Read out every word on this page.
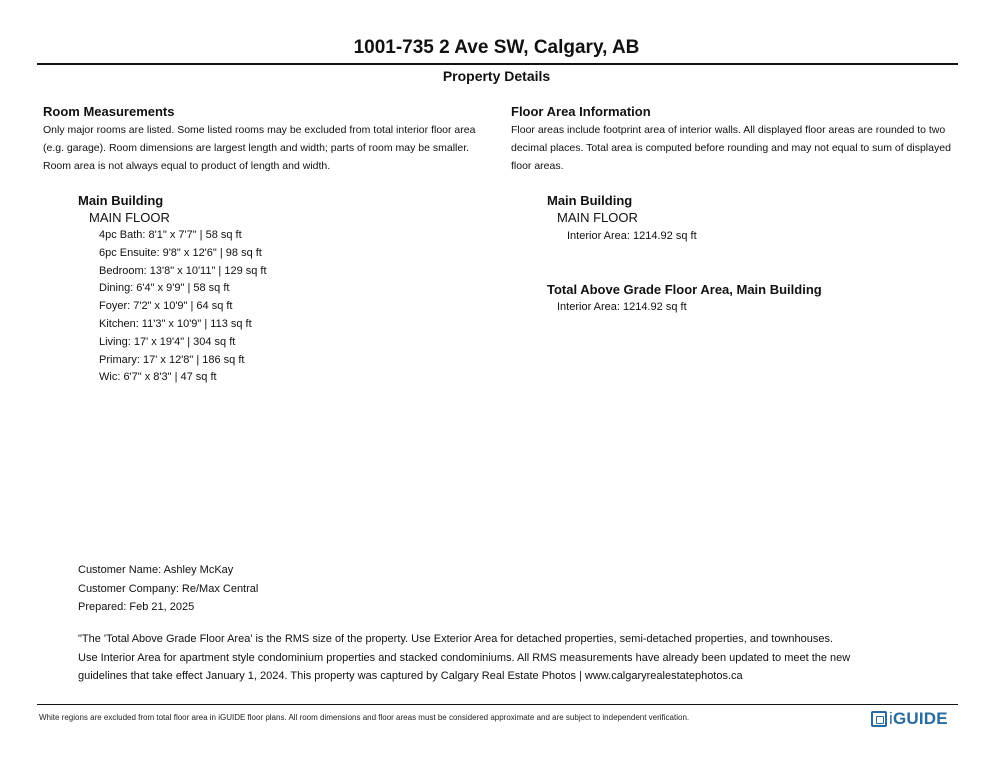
1001-735 2 Ave SW, Calgary, AB
Property Details
Room Measurements
Only major rooms are listed. Some listed rooms may be excluded from total interior floor area
(e.g. garage). Room dimensions are largest length and width; parts of room may be smaller.
Room area is not always equal to product of length and width.
Main Building
MAIN FLOOR
4pc Bath: 8'1" x 7'7" | 58 sq ft
6pc Ensuite: 9'8" x 12'6" | 98 sq ft
Bedroom: 13'8" x 10'11" | 129 sq ft
Dining: 6'4" x 9'9" | 58 sq ft
Foyer: 7'2" x 10'9" | 64 sq ft
Kitchen: 11'3" x 10'9" | 113 sq ft
Living: 17' x 19'4" | 304 sq ft
Primary: 17' x 12'8" | 186 sq ft
Wic: 6'7" x 8'3" | 47 sq ft
Floor Area Information
Floor areas include footprint area of interior walls. All displayed floor areas are rounded to two
decimal places. Total area is computed before rounding and may not equal to sum of displayed
floor areas.
Main Building
MAIN FLOOR
Interior Area: 1214.92 sq ft
Total Above Grade Floor Area, Main Building
Interior Area: 1214.92 sq ft
Customer Name: Ashley McKay
Customer Company: Re/Max Central
Prepared: Feb 21, 2025
"The 'Total Above Grade Floor Area' is the RMS size of the property. Use Exterior Area for detached properties, semi-detached properties, and townhouses.
Use Interior Area for apartment style condominium properties and stacked condominiums. All RMS measurements have already been updated to meet the new
guidelines that take effect January 1, 2024. This property was captured by Calgary Real Estate Photos | www.calgaryrealestatephotos.ca
White regions are excluded from total floor area in iGUIDE floor plans. All room dimensions and floor areas must be considered approximate and are subject to independent verification.	iGUIDE
